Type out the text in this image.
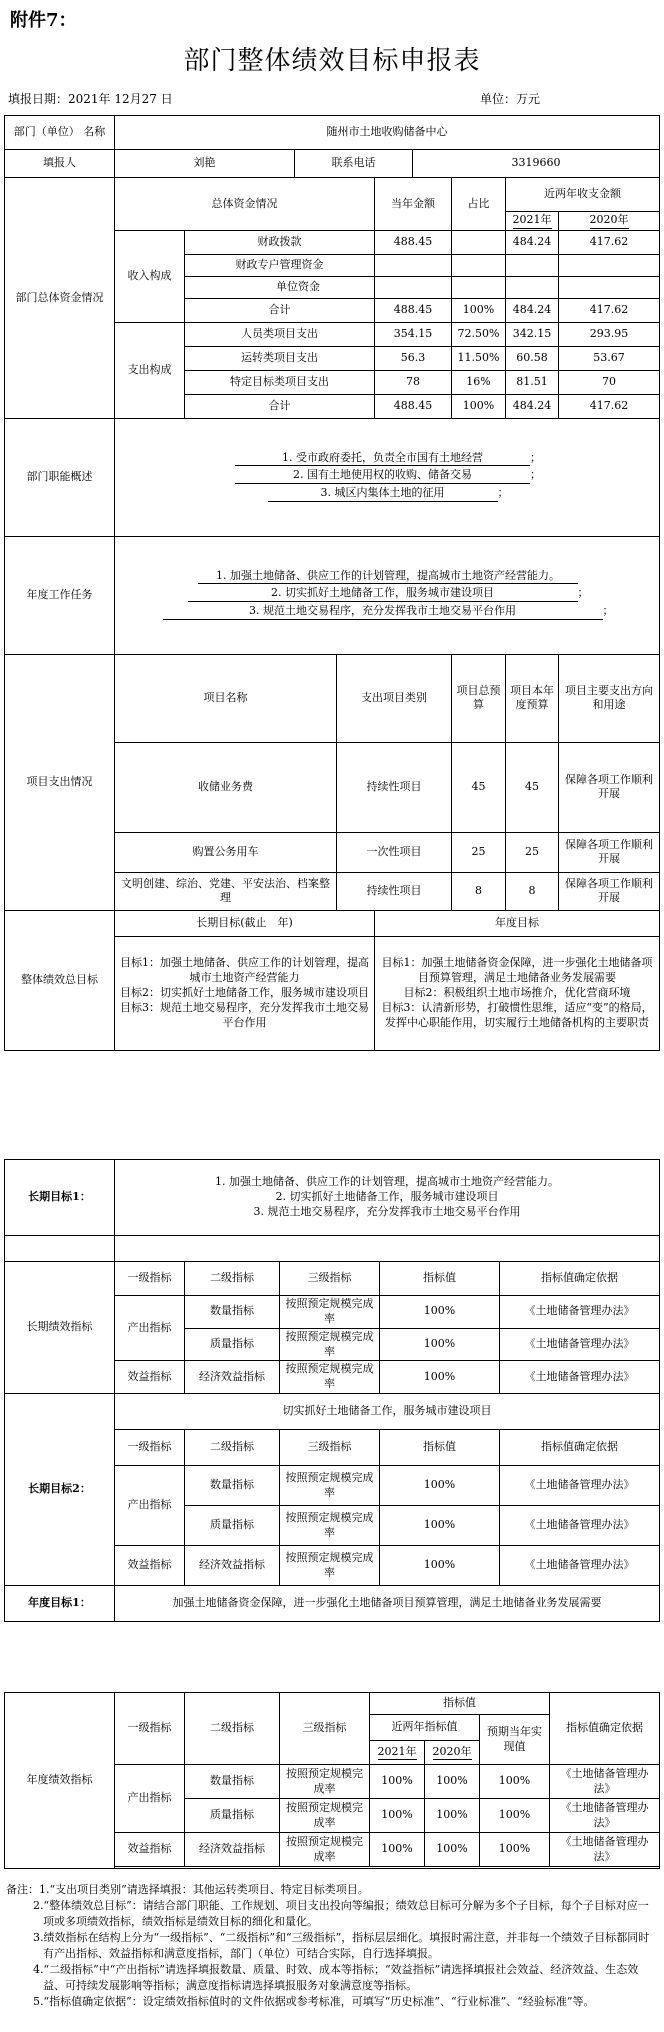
附件7：
部门整体绩效目标申报表
填报日期：2021年 12月27 日	单位：万元
部门（单位） 名称	随州市土地收购储备中心								
填报人	刘艳		联系电话			3319660			
部门总体资金情况	总体资金情况				当年金额		占比	近两年收支金额	
								2021年	2020年
	收入构成	财政拨款			488.45			484.24	417.62
		财政专户管理资金							
		单位资金							
		合计			488.45		100%	484.24	417.62
	支出构成	人员类项目支出			354.15		72.50%	342.15	293.95
		运转类项目支出			56.3		11.50%	60.58	53.67
		特定目标类项目支出			78		16%	81.51	70
		合计			488.45		100%	484.24	417.62
部门职能概述	1. 受市政府委托，负责全市国有土地经营 ；
2. 国有土地使用权的收购、储备交易 ；
3. 城区内集体土地的征用 ；								

年度工作任务	1. 加强土地储备、供应工作的计划管理，提高城市土地资产经营能力。
2. 切实抓好土地储备工作，服务城市建设项目 ；
3. 规范土地交易程序，充分发挥我市土地交易平台作用 ；								

项目支出情况	项目名称			支出项目类别			项目总预算	项目本年度预算	项目主要支出方向和用途
	收储业务费			持续性项目			45	45	保障各项工作顺利开展
	购置公务用车			一次性项目			25	25	保障各项工作顺利开展
	文明创建、综治、党建、平安法治、档案整理			持续性项目			8	8	保障各项工作顺利开展
整体绩效总目标	长期目标(截止　年)				年度目标				
	目标1：加强土地储备、供应工作的计划管理，提高城市土地资产经营能力
目标2：切实抓好土地储备工作，服务城市建设项目
目标3：规范土地交易程序，充分发挥我市土地交易平台作用				目标1：加强土地储备资金保障，进一步强化土地储备项目预算管理，满足土地储备业务发展需要
目标2：积极组织土地市场推介，优化营商环境
目标3：认清新形势，打破惯性思维，适应“变”的格局，发挥中心职能作用，切实履行土地储备机构的主要职责				
长期目标1：	1. 加强土地储备、供应工作的计划管理，提高城市土地资产经营能力。
2. 切实抓好土地储备工作，服务城市建设项目
3. 规范土地交易程序，充分发挥我市土地交易平台作用				

长期绩效指标	一级指标	二级指标	三级指标	指标值	指标值确定依据
	产出指标	数量指标	按照预定规模完成率	100%	《土地储备管理办法》
		质量指标	按照预定规模完成率	100%	《土地储备管理办法》
	效益指标	经济效益指标	按照预定规模完成率	100%	《土地储备管理办法》
长期目标2：	切实抓好土地储备工作，服务城市建设项目				
	一级指标	二级指标	三级指标	指标值	指标值确定依据
	产出指标	数量指标	按照预定规模完成率	100%	《土地储备管理办法》
		质量指标	按照预定规模完成率	100%	《土地储备管理办法》
	效益指标	经济效益指标	按照预定规模完成率	100%	《土地储备管理办法》
年度目标1：	加强土地储备资金保障，进一步强化土地储备项目预算管理，满足土地储备业务发展需要				
年度绩效指标	一级指标	二级指标	三级指标	指标值			指标值确定依据
				近两年指标值		预期当年实现值	
				2021年	2020年		
	产出指标	数量指标	按照预定规模完成率	100%	100%	100%	《土地储备管理办法》
		质量指标	按照预定规模完成率	100%	100%	100%	《土地储备管理办法》
	效益指标	经济效益指标	按照预定规模完成率	100%	100%	100%	《土地储备管理办法》

备注：1.“支出项目类别”请选择填报：其他运转类项目、特定目标类项目。

2.“整体绩效总目标”：请结合部门职能、工作规划、项目支出投向等编报；绩效总目标可分解为多个子目标，每个子目标对应一项或多项绩效指标，绩效指标是绩效目标的细化和量化。

3.绩效指标在结构上分为“一级指标”、“二级指标”和“三级指标”，指标层层细化。填报时需注意，并非每一个绩效子目标都同时有产出指标、效益指标和满意度指标，部门（单位）可结合实际，自行选择填报。

4.“二级指标”中“产出指标”请选择填报数量、质量、时效、成本等指标；“效益指标”请选择填报社会效益、经济效益、生态效益、可持续发展影响等指标；满意度指标请选择填报服务对象满意度等指标。

5.“指标值确定依据”：设定绩效指标值时的文件依据或参考标准，可填写“历史标准”、“行业标准”、“经验标准”等。
